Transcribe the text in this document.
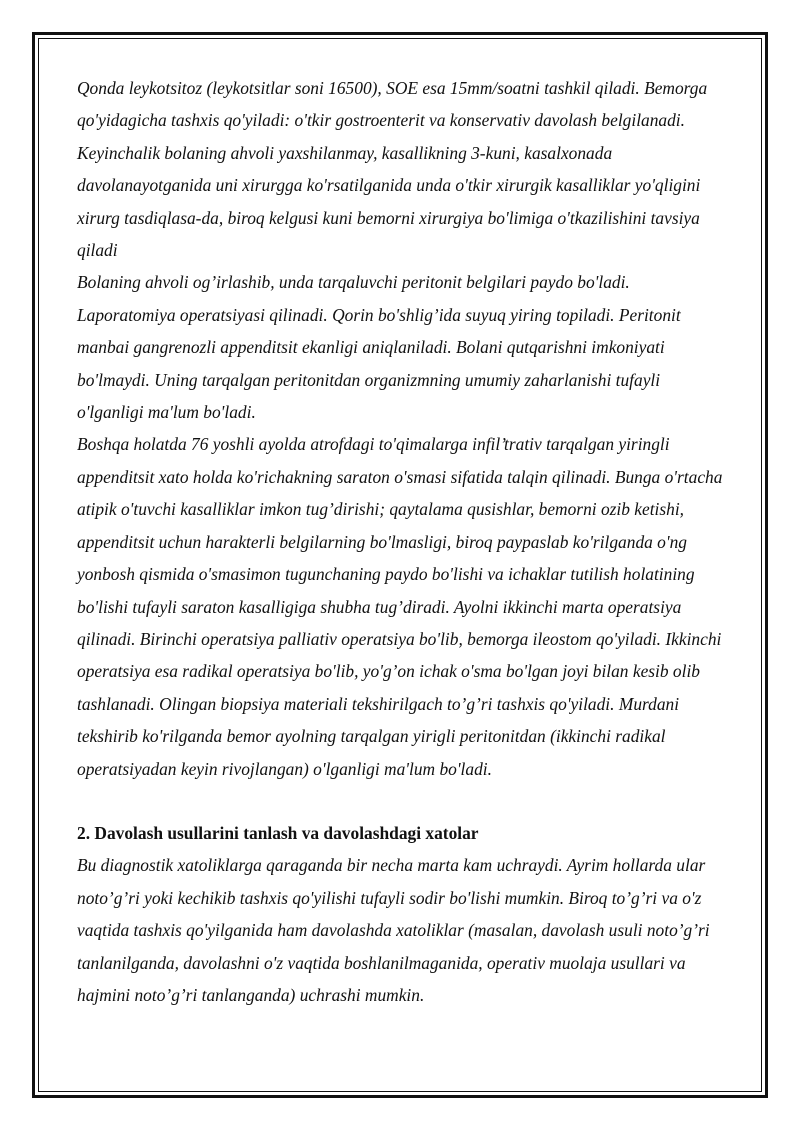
Qonda leykotsitoz (leykotsitlar soni 16500), SOE esa 15mm/soatni tashkil qiladi. Bemorga qo'yidagicha tashxis qo'yiladi: o'tkir gostroenterit va konservativ davolash belgilanadi. Keyinchalik bolaning ahvoli yaxshilanmay, kasallikning 3-kuni, kasalxonada davolanayotganida uni xirurgga ko'rsatilganida unda o'tkir xirurgik kasalliklar yo'qligini xirurg tasdiqlasa-da, biroq kelgusi kuni bemorni xirurgiya bo'limiga o'tkazilishini tavsiya qiladi

Bolaning ahvoli og’irlashib, unda tarqaluvchi peritonit belgilari paydo bo'ladi. Laporatomiya operatsiyasi qilinadi. Qorin bo'shlig’ida suyuq yiring topiladi. Peritonit manbai gangrenozli appenditsit ekanligi aniqlaniladi. Bolani qutqarishni imkoniyati bo'lmaydi. Uning tarqalgan peritonitdan organizmning umumiy zaharlanishi tufayli o'lganligi ma'lum bo'ladi.

Boshqa holatda 76 yoshli ayolda atrofdagi to'qimalarga infil’trativ tarqalgan yiringli appenditsit xato holda ko'richakning saraton o'smasi sifatida talqin qilinadi. Bunga o'rtacha atipik o'tuvchi kasalliklar imkon tug’dirishi; qaytalama qusishlar, bemorni ozib ketishi, appenditsit uchun harakterli belgilarning bo'lmasligi, biroq paypaslab ko'rilganda o'ng yonbosh qismida o'smasimon tugunchaning paydo bo'lishi va ichaklar tutilish holatining bo'lishi tufayli saraton kasalligiga shubha tug’diradi. Ayolni ikkinchi marta operatsiya qilinadi. Birinchi operatsiya palliativ operatsiya bo'lib, bemorga ileostom qo'yiladi. Ikkinchi operatsiya esa radikal operatsiya bo'lib, yo'g’on ichak o'sma bo'lgan joyi bilan kesib olib tashlanadi. Olingan biopsiya materiali tekshirilgach to’g’ri tashxis qo'yiladi. Murdani tekshirib ko'rilganda bemor ayolning tarqalgan yirigli peritonitdan (ikkinchi radikal operatsiyadan keyin rivojlangan) o'lganligi ma'lum bo'ladi.

2. Davolash usullarini tanlash va davolashdagi xatolar

Bu diagnostik xatoliklarga qaraganda bir necha marta kam uchraydi. Ayrim hollarda ular noto’g’ri yoki kechikib tashxis qo'yilishi tufayli sodir bo'lishi mumkin. Biroq to’g’ri va o'z vaqtida tashxis qo'yilganida ham davolashda xatoliklar (masalan, davolash usuli noto’g’ri tanlanilganda, davolashni o'z vaqtida boshlanilmaganida, operativ muolaja usullari va hajmini noto’g’ri tanlanganda) uchrashi mumkin.
